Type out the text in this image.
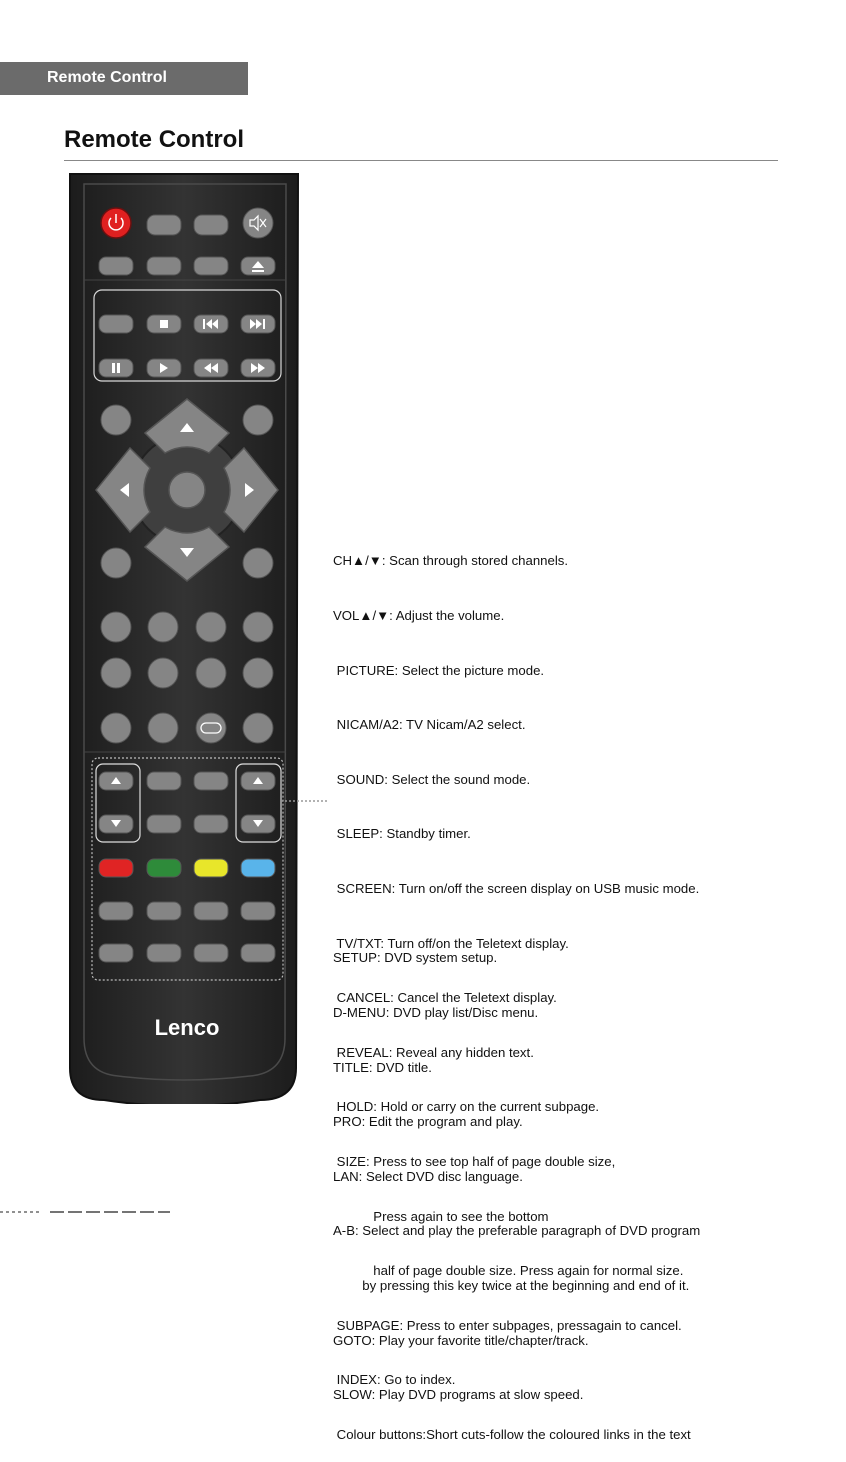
Remote Control
Remote Control
Lenco

CH▲/▼: Scan through stored channels.

VOL▲/▼: Adjust the volume.

PICTURE: Select the picture mode.

NICAM/A2: TV Nicam/A2 select.

SOUND: Select the sound mode.

SLEEP: Standby timer.

SCREEN: Turn on/off the screen display on USB music mode.

TV/TXT: Turn off/on the Teletext display.

CANCEL: Cancel the Teletext display.

REVEAL: Reveal any hidden text.

HOLD: Hold or carry on the current subpage.

SIZE: Press to see top half of page double size,

Press again to see the bottom

half of page double size. Press again for normal size.

SUBPAGE: Press to enter subpages, pressagain to cancel.

INDEX: Go to index.

Colour buttons:Short cuts-follow the coloured links in the text

SETUP: DVD system setup.

D-MENU: DVD play list/Disc menu.

TITLE: DVD title.

PRO: Edit the program and play.

LAN: Select DVD disc language.

A-B: Select and play the preferable paragraph of DVD program

by pressing this key twice at the beginning and end of it.

GOTO: Play your favorite title/chapter/track.

SLOW: Play DVD programs at slow speed.
